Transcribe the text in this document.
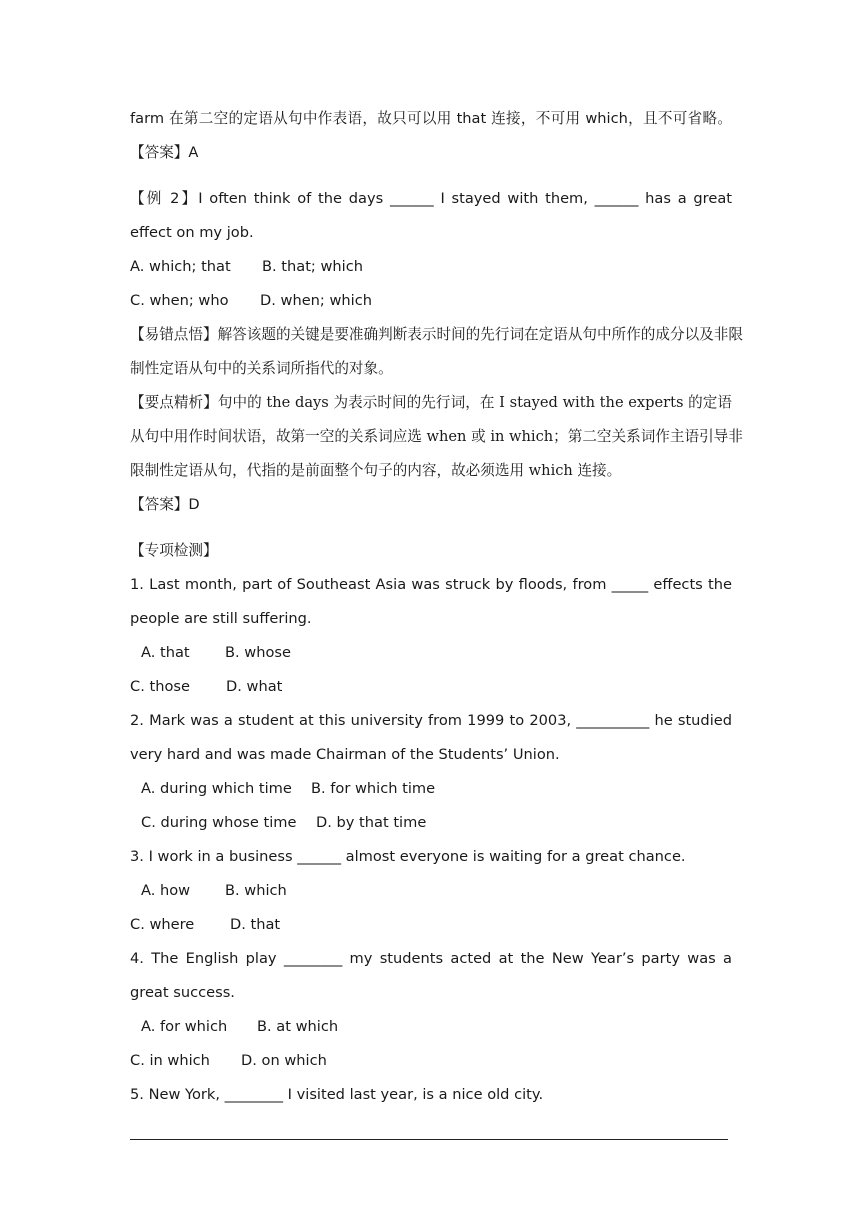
farm 在第二空的定语从句中作表语，故只可以用 that 连接，不可用 which，且不可省略。
【答案】A
【例 2】I often think of the days ______ I stayed with them, ______ has a great
effect on my job.
A. which; that B. that; which
C. when; who D. when; which
【易错点悟】解答该题的关键是要准确判断表示时间的先行词在定语从句中所作的成分以及非限
制性定语从句中的关系词所指代的对象。
【要点精析】句中的 the days 为表示时间的先行词，在 I stayed with the experts 的定语
从句中用作时间状语，故第一空的关系词应选 when 或 in which；第二空关系词作主语引导非
限制性定语从句，代指的是前面整个句子的内容，故必须选用 which 连接。
【答案】D
【专项检测】
1. Last month, part of Southeast Asia was struck by floods, from _____ effects the
people are still suffering.
A. that B. whose
C. those D. what
2. Mark was a student at this university from 1999 to 2003, __________ he studied
very hard and was made Chairman of the Students’ Union.
A. during which time B. for which time
C. during whose time D. by that time
3. I work in a business ______ almost everyone is waiting for a great chance.
A. how B. which
C. where D. that
4. The English play ________ my students acted at the New Year’s party was a
great success.
A. for which B. at which
C. in which D. on which
5. New York, ________ I visited last year, is a nice old city.
